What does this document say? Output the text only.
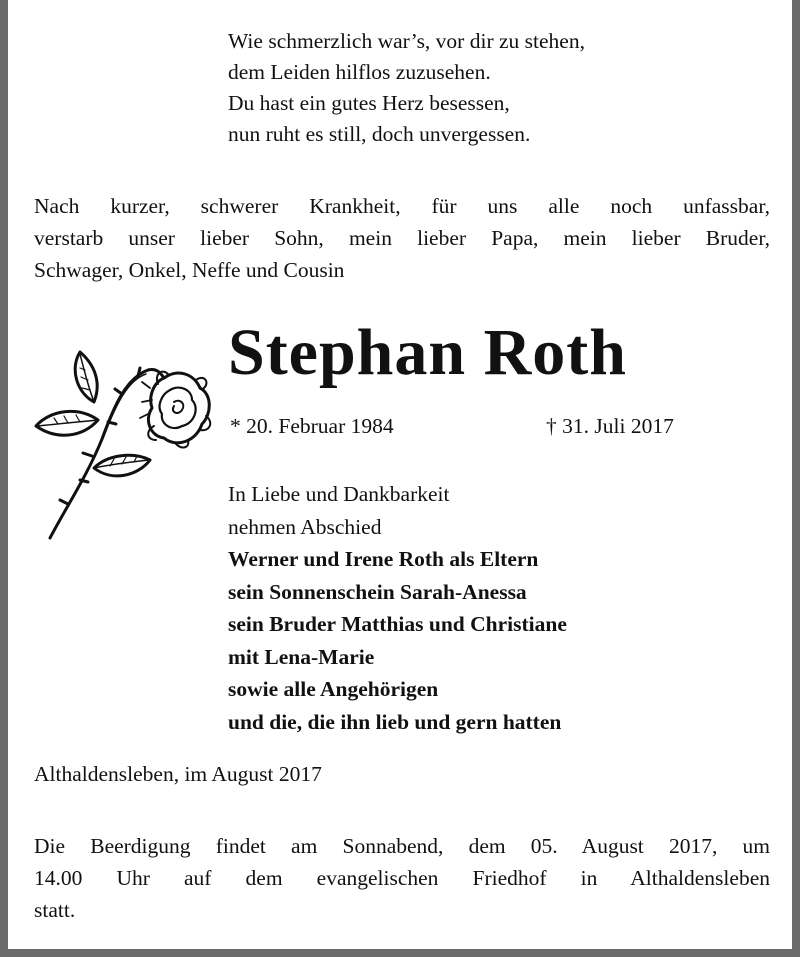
Wie schmerzlich war’s, vor dir zu stehen,
dem Leiden hilflos zuzusehen.
Du hast ein gutes Herz besessen,
nun ruht es still, doch unvergessen.
Nach kurzer, schwerer Krankheit, für uns alle noch unfassbar,
verstarb unser lieber Sohn, mein lieber Papa, mein lieber Bruder,
Schwager, Onkel, Neffe und Cousin
Stephan Roth
* 20. Februar 1984	† 31. Juli 2017
In Liebe und Dankbarkeit
nehmen Abschied
Werner und Irene Roth als Eltern
sein Sonnenschein Sarah-Anessa
sein Bruder Matthias und Christiane
mit Lena-Marie
sowie alle Angehörigen
und die, die ihn lieb und gern hatten
Althaldensleben, im August 2017
Die Beerdigung findet am Sonnabend, dem 05. August 2017, um
14.00 Uhr auf dem evangelischen Friedhof in Althaldensleben
statt.
